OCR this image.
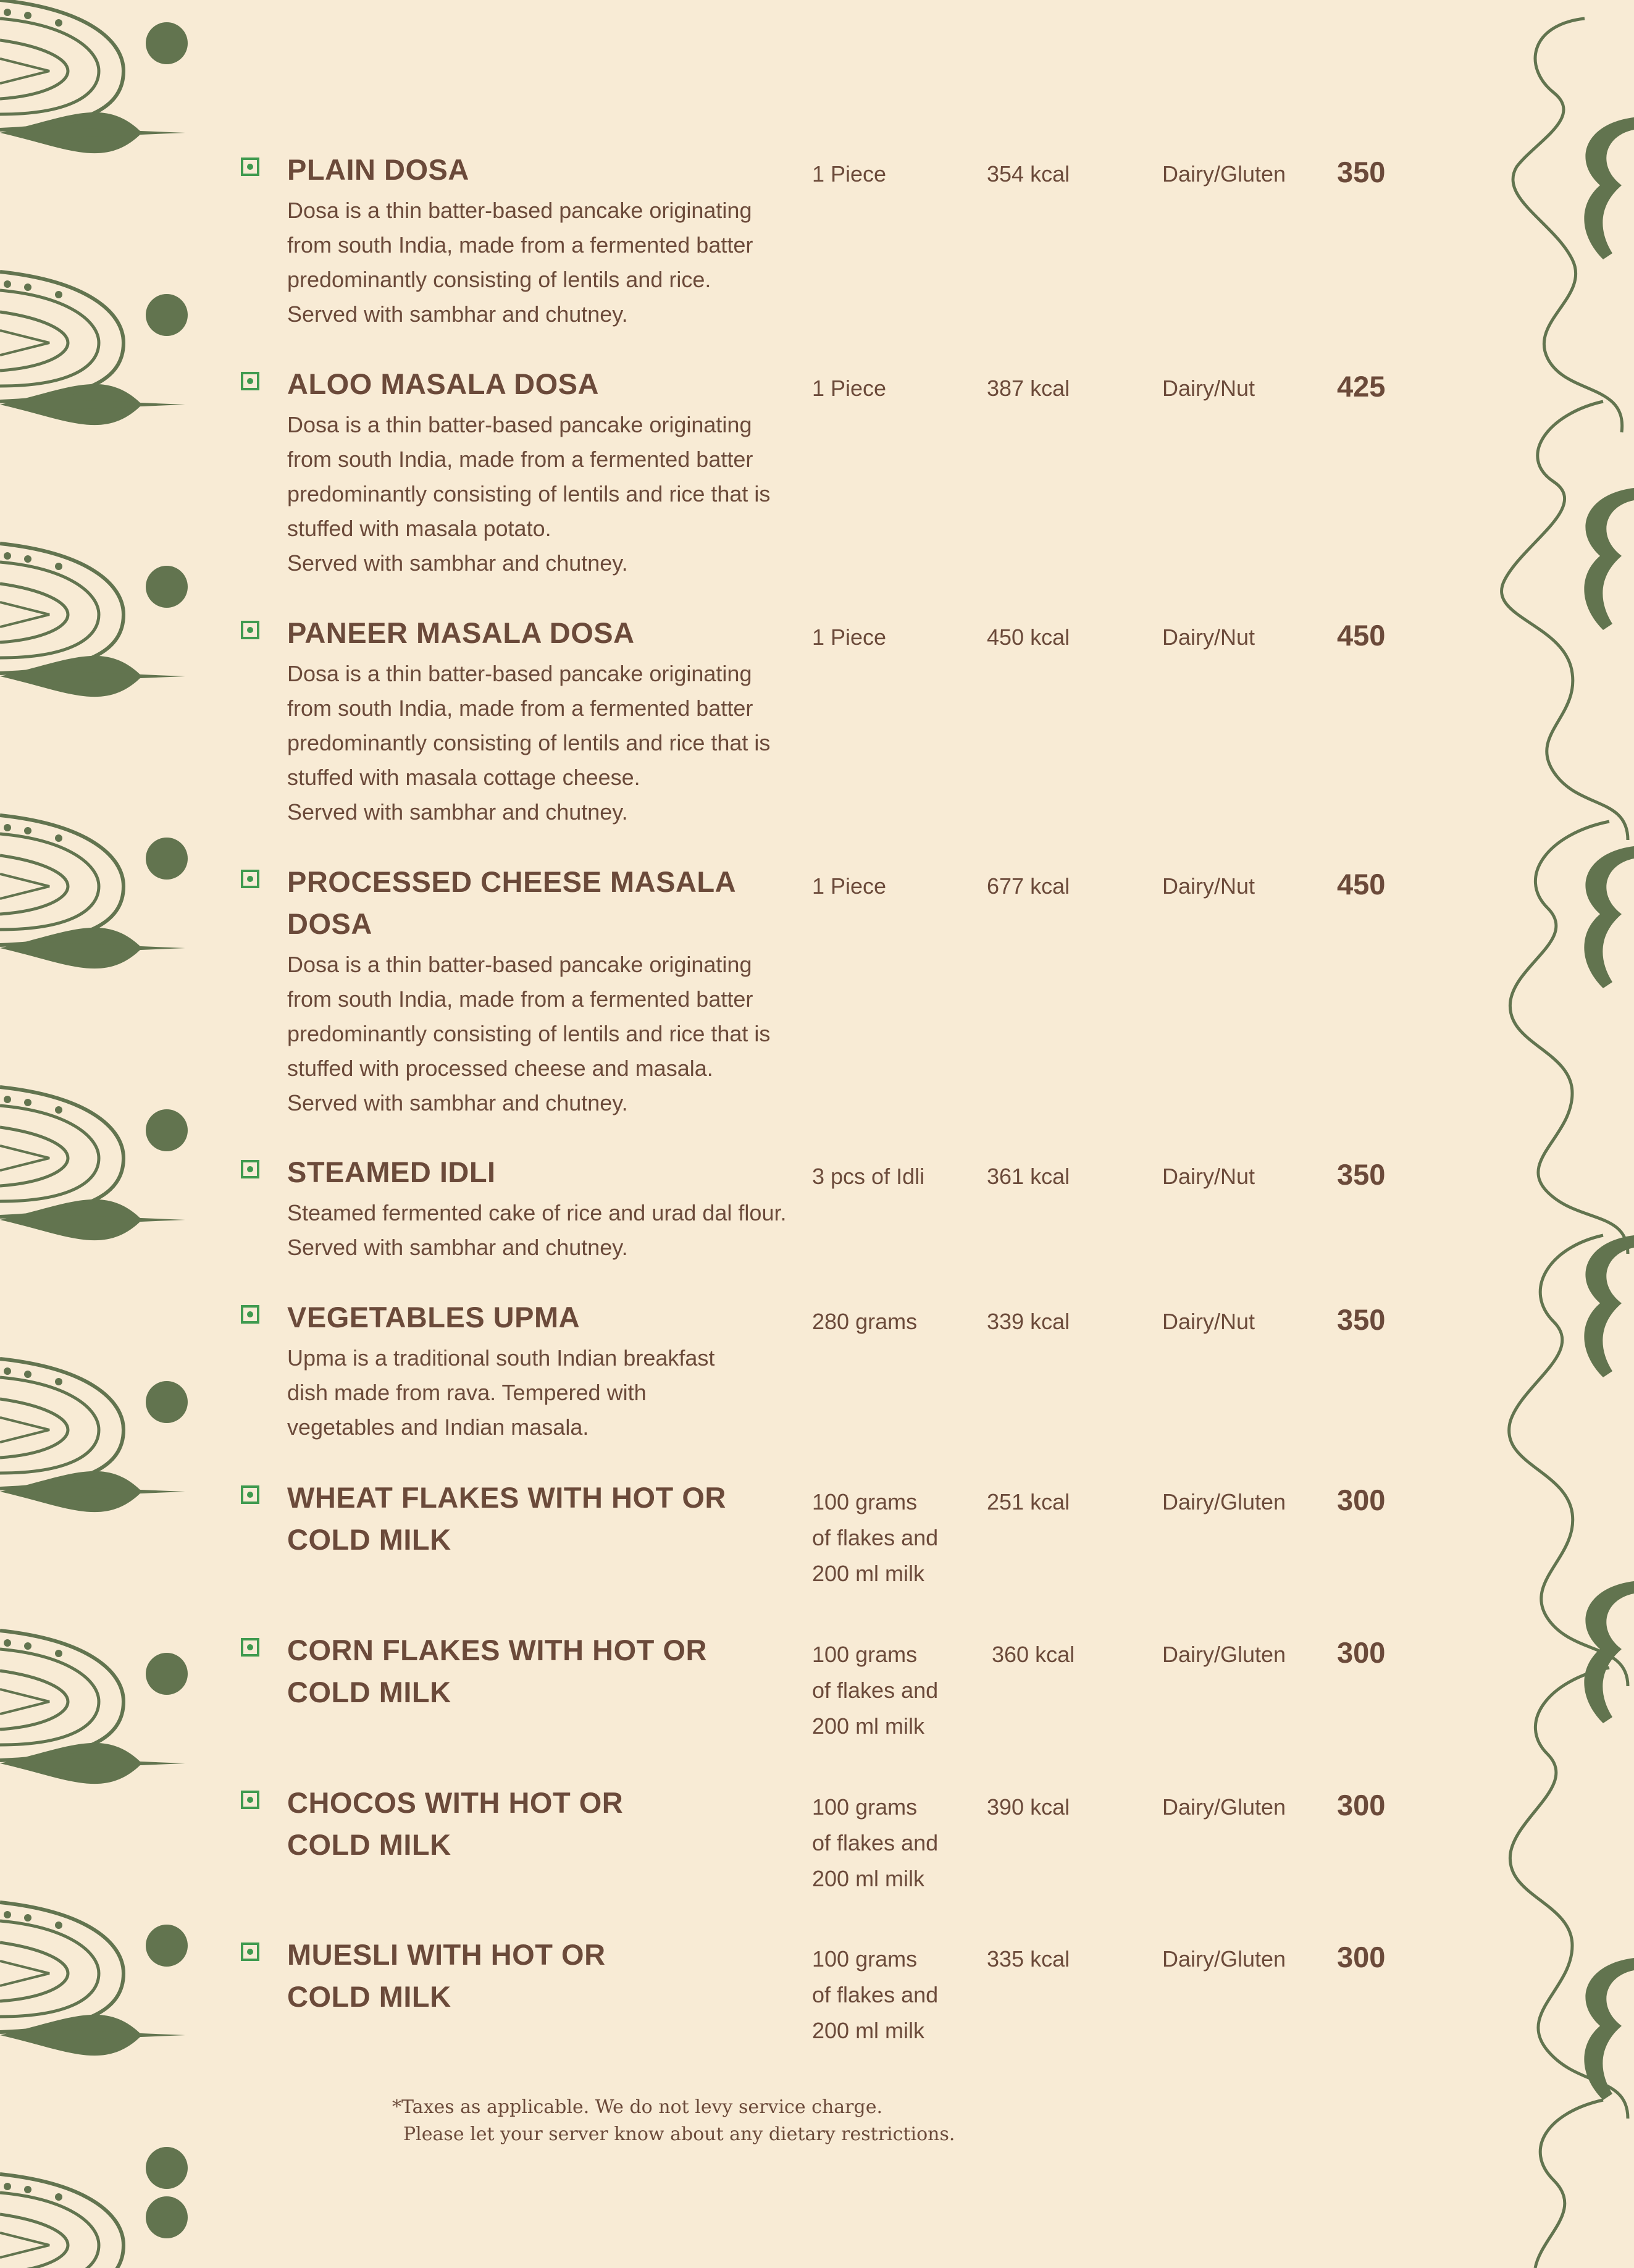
PLAIN DOSA
Dosa is a thin batter-based pancake originating
from south India, made from a fermented batter
predominantly consisting of lentils and rice.
Served with sambhar and chutney.
1 Piece	354 kcal	Dairy/Gluten 350
ALOO MASALA DOSA
Dosa is a thin batter-based pancake originating
from south India, made from a fermented batter
predominantly consisting of lentils and rice that is
stuffed with masala potato.
Served with sambhar and chutney.
1 Piece	387 kcal	Dairy/Nut	425
PANEER MASALA DOSA
Dosa is a thin batter-based pancake originating
from south India, made from a fermented batter
predominantly consisting of lentils and rice that is
stuffed with masala cottage cheese.
Served with sambhar and chutney.
1 Piece	450 kcal	Dairy/Nut	450
PROCESSED CHEESE MASALA DOSA
Dosa is a thin batter-based pancake originating
from south India, made from a fermented batter
predominantly consisting of lentils and rice that is
stuffed with processed cheese and masala.
Served with sambhar and chutney.
1 Piece	677 kcal	Dairy/Nut	450
STEAMED IDLI
Steamed fermented cake of rice and urad dal flour.
Served with sambhar and chutney.
3 pcs of Idli	361 kcal	Dairy/Nut	350
VEGETABLES UPMA
Upma is a traditional south Indian breakfast
dish made from rava. Tempered with
vegetables and Indian masala.
280 grams	339 kcal	Dairy/Nut	350
WHEAT FLAKES WITH HOT OR COLD MILK
100 grams
of flakes and
200 ml milk
251 kcal	Dairy/Gluten 300
CORN FLAKES WITH HOT OR COLD MILK
100 grams
of flakes and
200 ml milk
360 kcal	Dairy/Gluten 300
CHOCOS WITH HOT OR COLD MILK
100 grams
of flakes and
200 ml milk
390 kcal	Dairy/Gluten 300
MUESLI WITH HOT OR COLD MILK
100 grams
of flakes and
200 ml milk
335 kcal	Dairy/Gluten 300
*Taxes as applicable. We do not levy service charge.
Please let your server know about any dietary restrictions.
